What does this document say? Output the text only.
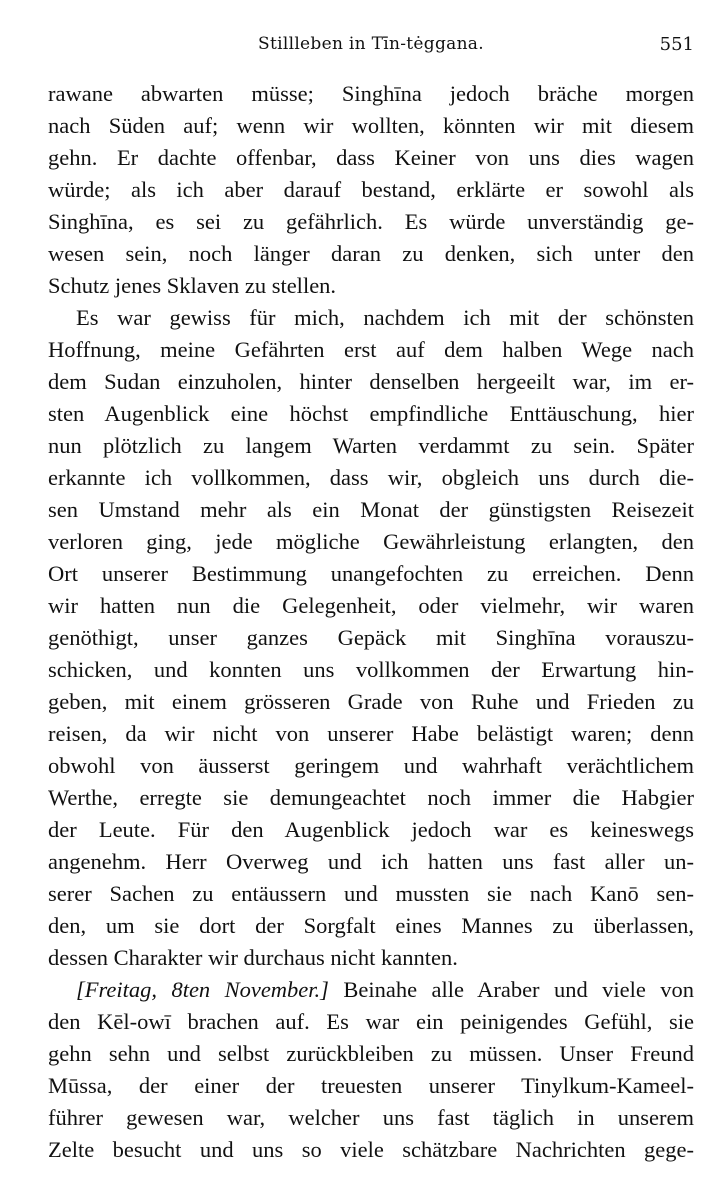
Stillleben in Tīn-tėggana.	551
rawane abwarten müsse; Singhīna jedoch bräche morgen
nach Süden auf; wenn wir wollten, könnten wir mit diesem
gehn. Er dachte offenbar, dass Keiner von uns dies wagen
würde; als ich aber darauf bestand, erklärte er sowohl als
Singhīna, es sei zu gefährlich. Es würde unverständig ge-
wesen sein, noch länger daran zu denken, sich unter den
Schutz jenes Sklaven zu stellen.
Es war gewiss für mich, nachdem ich mit der schönsten
Hoffnung, meine Gefährten erst auf dem halben Wege nach
dem Sudan einzuholen, hinter denselben hergeeilt war, im er-
sten Augenblick eine höchst empfindliche Enttäuschung, hier
nun plötzlich zu langem Warten verdammt zu sein. Später
erkannte ich vollkommen, dass wir, obgleich uns durch die-
sen Umstand mehr als ein Monat der günstigsten Reisezeit
verloren ging, jede mögliche Gewährleistung erlangten, den
Ort unserer Bestimmung unangefochten zu erreichen. Denn
wir hatten nun die Gelegenheit, oder vielmehr, wir waren
genöthigt, unser ganzes Gepäck mit Singhīna vorauszu-
schicken, und konnten uns vollkommen der Erwartung hin-
geben, mit einem grösseren Grade von Ruhe und Frieden zu
reisen, da wir nicht von unserer Habe belästigt waren; denn
obwohl von äusserst geringem und wahrhaft verächtlichem
Werthe, erregte sie demungeachtet noch immer die Habgier
der Leute. Für den Augenblick jedoch war es keineswegs
angenehm. Herr Overweg und ich hatten uns fast aller un-
serer Sachen zu entäussern und mussten sie nach Kanō sen-
den, um sie dort der Sorgfalt eines Mannes zu überlassen,
dessen Charakter wir durchaus nicht kannten.
[Freitag, 8ten November.] Beinahe alle Araber und viele von
den Kēl-owī brachen auf. Es war ein peinigendes Gefühl, sie
gehn sehn und selbst zurückbleiben zu müssen. Unser Freund
Mūssa, der einer der treuesten unserer Tinylkum-Kameel-
führer gewesen war, welcher uns fast täglich in unserem
Zelte besucht und uns so viele schätzbare Nachrichten gege-
